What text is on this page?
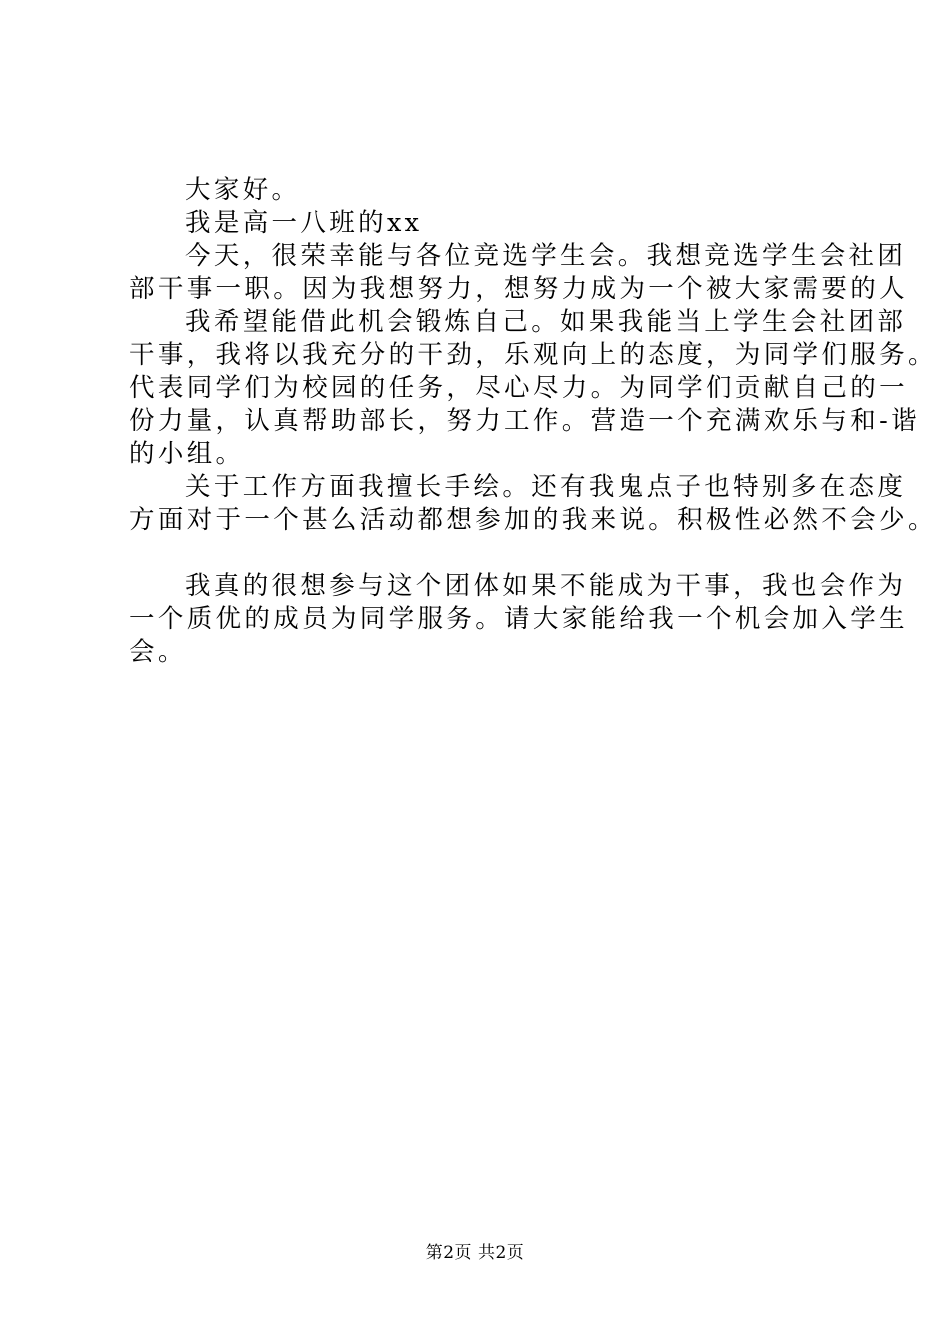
大家好。
我是高一八班的xx
今天，很荣幸能与各位竞选学生会。我想竞选学生会社团
部干事一职。因为我想努力，想努力成为一个被大家需要的人
我希望能借此机会锻炼自己。如果我能当上学生会社团部
干事，我将以我充分的干劲，乐观向上的态度，为同学们服务。
代表同学们为校园的任务，尽心尽力。为同学们贡献自己的一
份力量，认真帮助部长，努力工作。营造一个充满欢乐与和-谐
的小组。
关于工作方面我擅长手绘。还有我鬼点子也特别多在态度
方面对于一个甚么活动都想参加的我来说。积极性必然不会少。
我真的很想参与这个团体如果不能成为干事，我也会作为
一个质优的成员为同学服务。请大家能给我一个机会加入学生
会。
第2页 共2页
